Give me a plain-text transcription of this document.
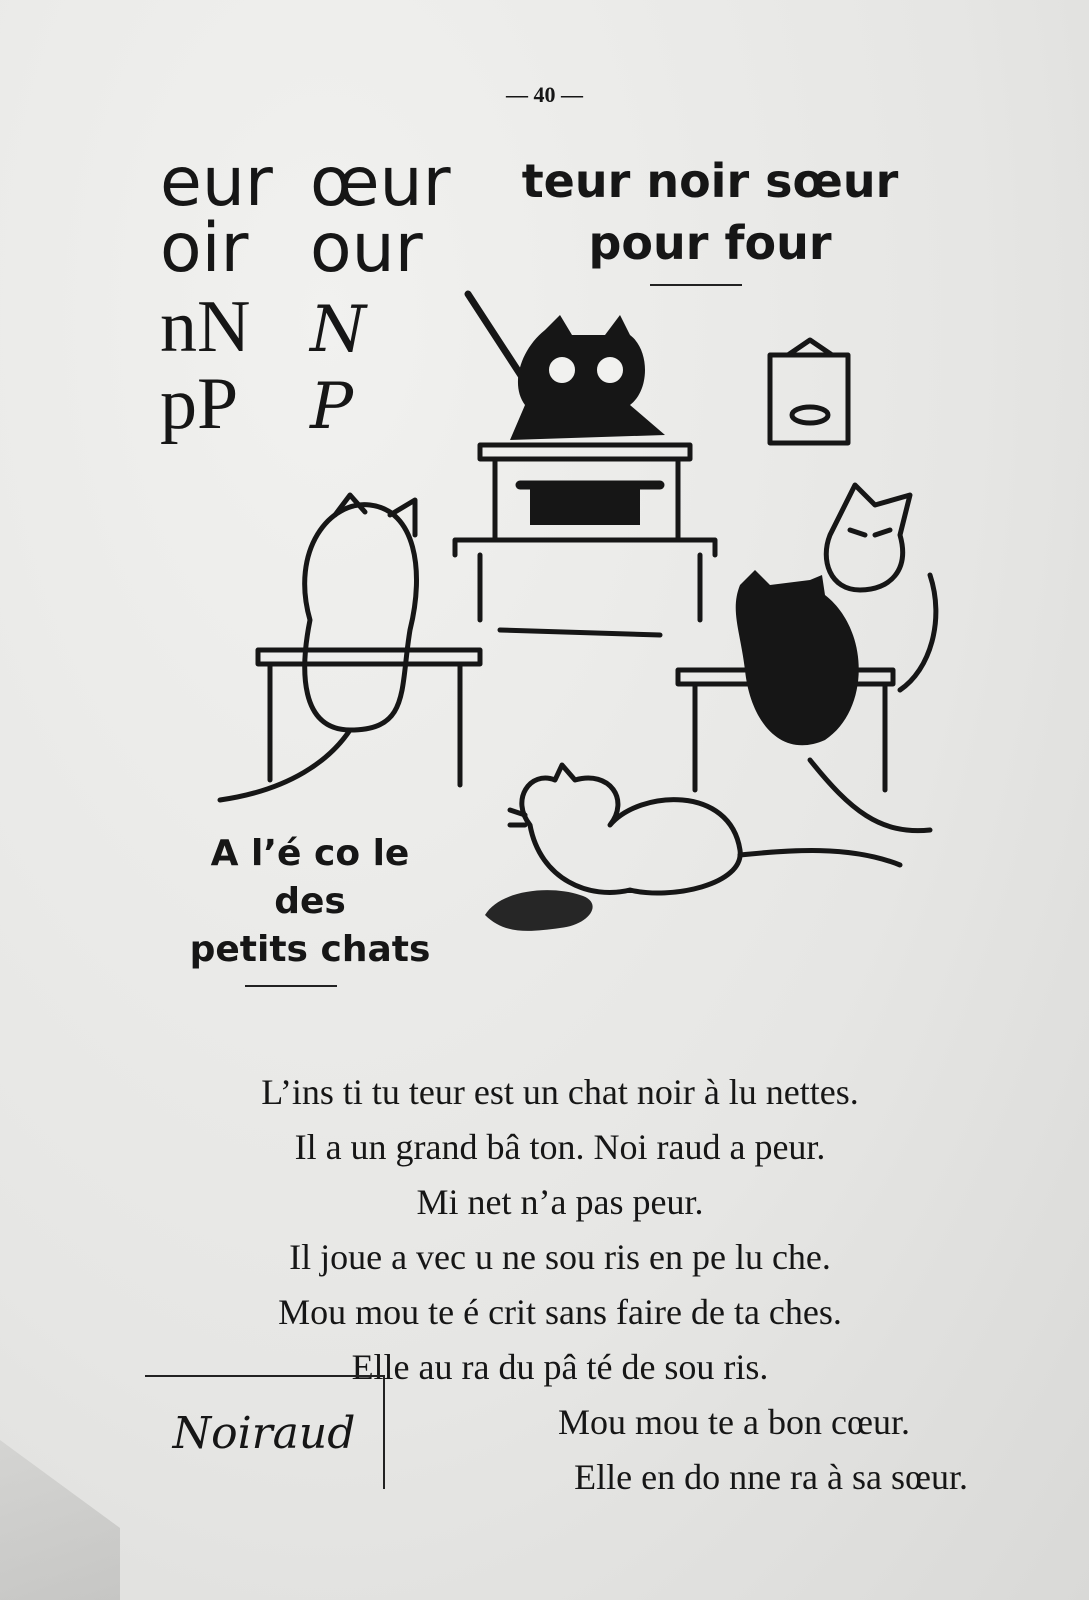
— 40 —
eur œur
oir our
nN N
pP	P
teur noir sœur
pour four
A l’é co le
des
petits chats
L’ins ti tu teur est un chat noir à lu nettes.
Il a un grand bâ ton. Noi raud a peur.
Mi net n’a pas peur.
Il joue a vec u ne sou ris en pe lu che.
Mou mou te é crit sans faire de ta ches.
Elle au ra du pâ té de sou ris.
Mou mou te a bon cœur.
Elle en do nne ra à sa sœur.
Noiraud
